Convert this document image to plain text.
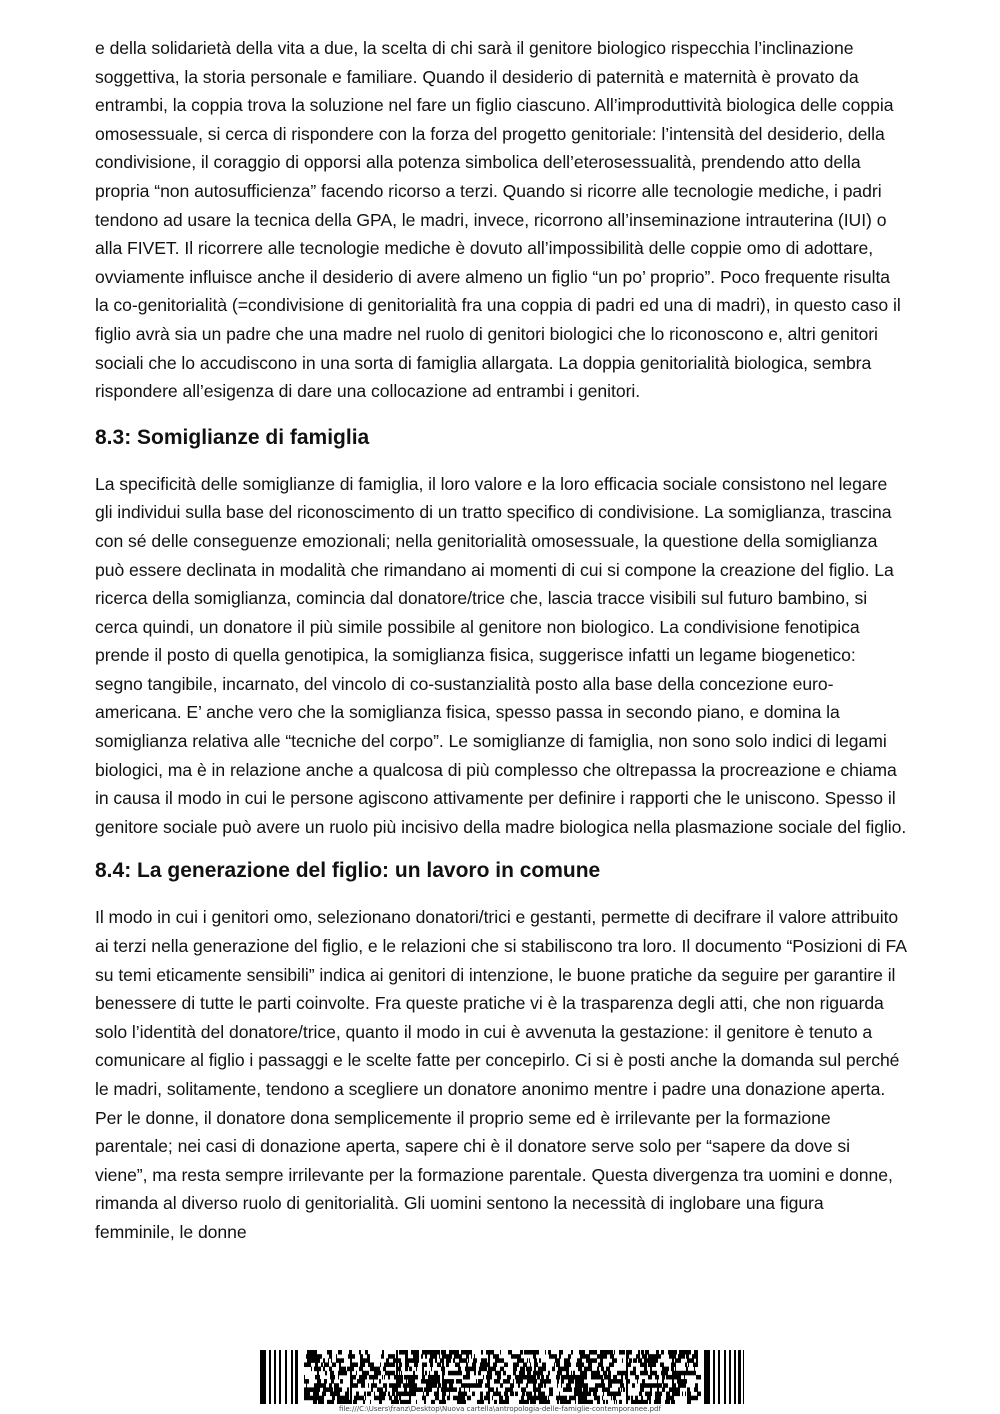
e della solidarietà della vita a due, la scelta di chi sarà il genitore biologico rispecchia l’inclinazione soggettiva, la storia personale e familiare. Quando il desiderio di paternità e maternità è provato da entrambi, la coppia trova la soluzione nel fare un figlio ciascuno. All’improduttività biologica delle coppia omosessuale, si cerca di rispondere con la forza del progetto genitoriale: l’intensità del desiderio, della condivisione, il coraggio di opporsi alla potenza simbolica dell’eterosessualità, prendendo atto della propria “non autosufficienza” facendo ricorso a terzi. Quando si ricorre alle tecnologie mediche, i padri tendono ad usare la tecnica della GPA, le madri, invece, ricorrono all’inseminazione intrauterina (IUI) o alla FIVET. Il ricorrere alle tecnologie mediche è dovuto all’impossibilità delle coppie omo di adottare, ovviamente influisce anche il desiderio di avere almeno un figlio “un po’ proprio”. Poco frequente risulta la co-genitorialità (=condivisione di genitorialità fra una coppia di padri ed una di madri), in questo caso il figlio avrà sia un padre che una madre nel ruolo di genitori biologici che lo riconoscono e, altri genitori sociali che lo accudiscono in una sorta di famiglia allargata. La doppia genitorialità biologica, sembra rispondere all’esigenza di dare una collocazione ad entrambi i genitori.

8.3: Somiglianze di famiglia

La specificità delle somiglianze di famiglia, il loro valore e la loro efficacia sociale consistono nel legare gli individui sulla base del riconoscimento di un tratto specifico di condivisione. La somiglianza, trascina con sé delle conseguenze emozionali; nella genitorialità omosessuale, la questione della somiglianza può essere declinata in modalità che rimandano ai momenti di cui si compone la creazione del figlio. La ricerca della somiglianza, comincia dal donatore/trice che, lascia tracce visibili sul futuro bambino, si cerca quindi, un donatore il più simile possibile al genitore non biologico. La condivisione fenotipica prende il posto di quella genotipica, la somiglianza fisica, suggerisce infatti un legame biogenetico: segno tangibile, incarnato, del vincolo di co-sustanzialità posto alla base della concezione euro-americana. E’ anche vero che la somiglianza fisica, spesso passa in secondo piano, e domina la somiglianza relativa alle “tecniche del corpo”. Le somiglianze di famiglia, non sono solo indici di legami biologici, ma è in relazione anche a qualcosa di più complesso che oltrepassa la procreazione e chiama in causa il modo in cui le persone agiscono attivamente per definire i rapporti che le uniscono. Spesso il genitore sociale può avere un ruolo più incisivo della madre biologica nella plasmazione sociale del figlio.

8.4: La generazione del figlio: un lavoro in comune

Il modo in cui i genitori omo, selezionano donatori/trici e gestanti, permette di decifrare il valore attribuito ai terzi nella generazione del figlio, e le relazioni che si stabiliscono tra loro. Il documento “Posizioni di FA su temi eticamente sensibili” indica ai genitori di intenzione, le buone pratiche da seguire per garantire il benessere di tutte le parti coinvolte. Fra queste pratiche vi è la trasparenza degli atti, che non riguarda solo l’identità del donatore/trice, quanto il modo in cui è avvenuta la gestazione: il genitore è tenuto a comunicare al figlio i passaggi e le scelte fatte per concepirlo. Ci si è posti anche la domanda sul perché le madri, solitamente, tendono a scegliere un donatore anonimo mentre i padre una donazione aperta. Per le donne, il donatore dona semplicemente il proprio seme ed è irrilevante per la formazione parentale; nei casi di donazione aperta, sapere chi è il donatore serve solo per “sapere da dove si viene”, ma resta sempre irrilevante per la formazione parentale. Questa divergenza tra uomini e donne, rimanda al diverso ruolo di genitorialità. Gli uomini sentono la necessità di inglobare una figura femminile, le donne

file:///C:\Users\franz\Desktop\Nuova cartella\antropologia-delle-famiglie-contemporanee.pdf
